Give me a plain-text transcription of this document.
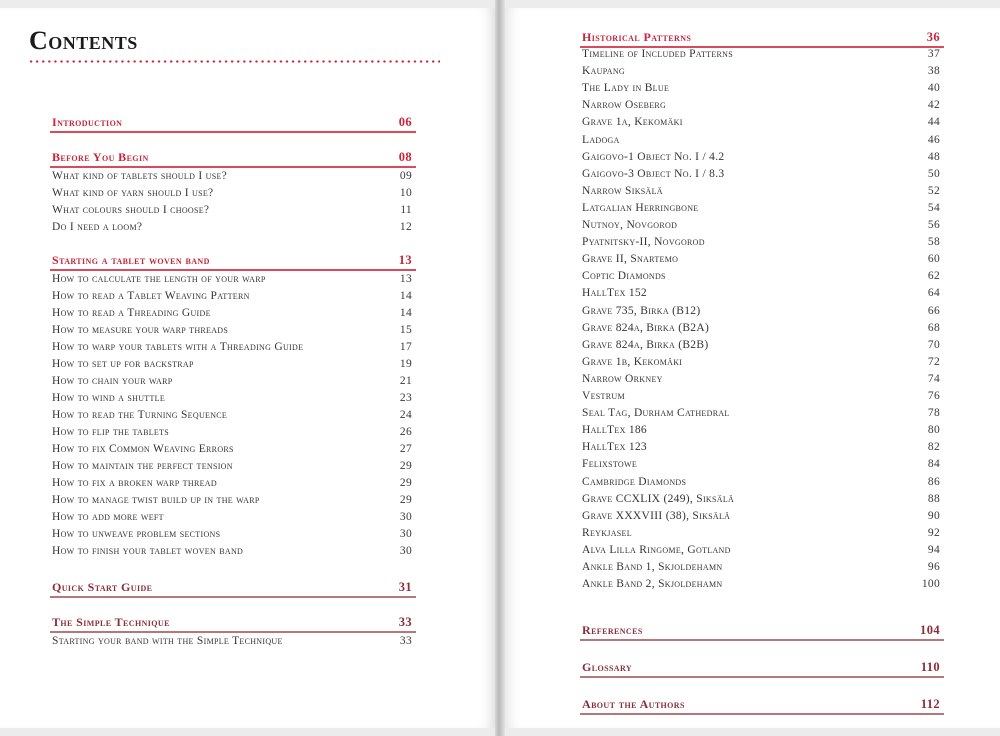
Contents
Introduction	06
Before You Begin	08
What kind of tablets should I use?	09
What kind of yarn should I use?	10
What colours should I choose?	11
Do I need a loom?	12
Starting a tablet woven band	13
How to calculate the length of your warp	13
How to read a Tablet Weaving Pattern	14
How to read a Threading Guide	14
How to measure your warp threads	15
How to warp your tablets with a Threading Guide	17
How to set up for backstrap	19
How to chain your warp	21
How to wind a shuttle	23
How to read the Turning Sequence	24
How to flip the tablets	26
How to fix Common Weaving Errors	27
How to maintain the perfect tension	29
How to fix a broken warp thread	29
How to manage twist build up in the warp	29
How to add more weft	30
How to unweave problem sections	30
How to finish your tablet woven band	30
Quick Start Guide	31
The Simple Technique	33
Starting your band with the Simple Technique	33
Historical Patterns	36
Timeline of Included Patterns	37
Kaupang	38
The Lady in Blue	40
Narrow Oseberg	42
Grave 1a, Kekomäki	44
Ladoga	46
Gaigovo-1 Object No. I / 4.2	48
Gaigovo-3 Object No. I / 8.3	50
Narrow Siksälä	52
Latgalian Herringbone	54
Nutnoy, Novgorod	56
Pyatnitsky-II, Novgorod	58
Grave II, Snartemo	60
Coptic Diamonds	62
HallTex 152	64
Grave 735, Birka (B12)	66
Grave 824a, Birka (B2A)	68
Grave 824a, Birka (B2B)	70
Grave 1b, Kekomäki	72
Narrow Orkney	74
Vestrum	76
Seal Tag, Durham Cathedral	78
HallTex 186	80
HallTex 123	82
Felixstowe	84
Cambridge Diamonds	86
Grave CCXLIX (249), Siksälä	88
Grave XXXVIII (38), Siksälä	90
Reykjasel	92
Alva Lilla Ringome, Gotland	94
Ankle Band 1, Skjoldehamn	96
Ankle Band 2, Skjoldehamn	100
References	104
Glossary	110
About the Authors	112
